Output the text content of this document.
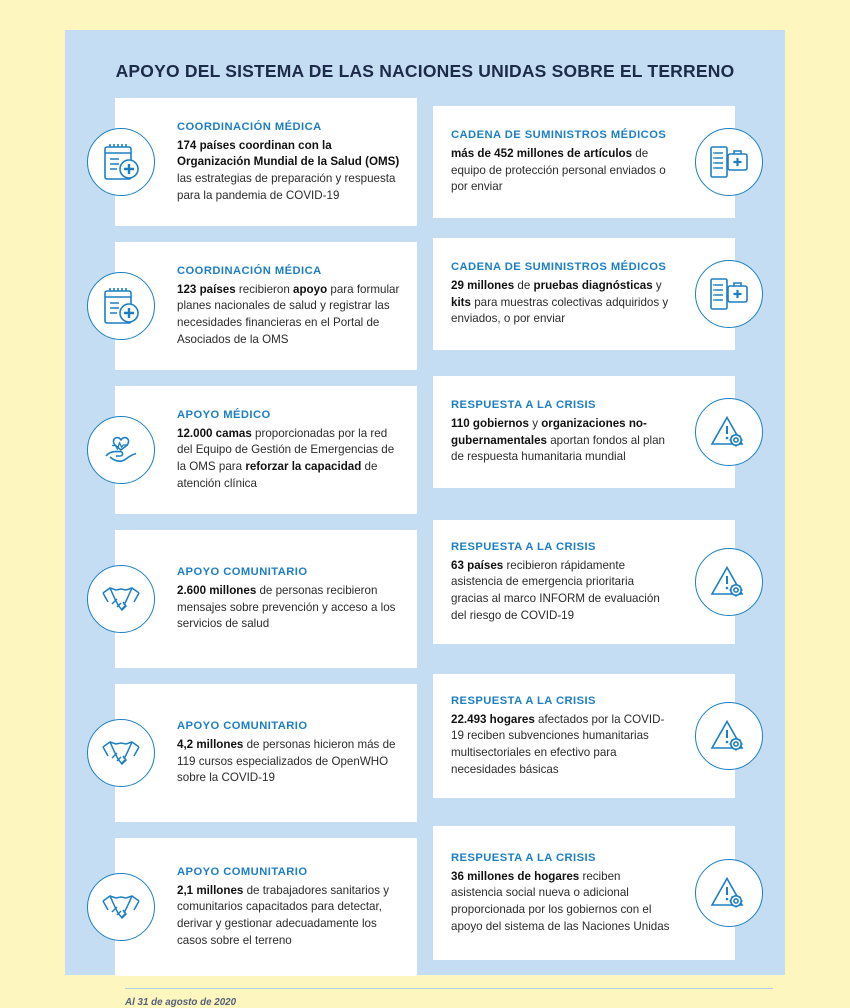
APOYO DEL SISTEMA DE LAS NACIONES UNIDAS SOBRE EL TERRENO
COORDINACIÓN MÉDICA
174 países coordinan con la Organización Mundial de la Salud (OMS) las estrategias de preparación y respuesta para la pandemia de COVID-19
COORDINACIÓN MÉDICA
123 países recibieron apoyo para formular planes nacionales de salud y registrar las necesidades financieras en el Portal de Asociados de la OMS
APOYO MÉDICO
12.000 camas proporcionadas por la red del Equipo de Gestión de Emergencias de la OMS para reforzar la capacidad de atención clínica
APOYO COMUNITARIO
2.600 millones de personas recibieron mensajes sobre prevención y acceso a los servicios de salud
APOYO COMUNITARIO
4,2 millones de personas hicieron más de 119 cursos especializados de OpenWHO sobre la COVID-19
APOYO COMUNITARIO
2,1 millones de trabajadores sanitarios y comunitarios capacitados para detectar, derivar y gestionar adecuadamente los casos sobre el terreno
CADENA DE SUMINISTROS MÉDICOS
más de 452 millones de artículos de equipo de protección personal enviados o por enviar
CADENA DE SUMINISTROS MÉDICOS
29 millones de pruebas diagnósticas y kits para muestras colectivas adquiridos y enviados, o por enviar
RESPUESTA A LA CRISIS
110 gobiernos y organizaciones no-gubernamentales aportan fondos al plan de respuesta humanitaria mundial
RESPUESTA A LA CRISIS
63 países recibieron rápidamente asistencia de emergencia prioritaria gracias al marco INFORM de evaluación del riesgo de COVID-19
RESPUESTA A LA CRISIS
22.493 hogares afectados por la COVID-19 reciben subvenciones humanitarias multisectoriales en efectivo para necesidades básicas
RESPUESTA A LA CRISIS
36 millones de hogares reciben asistencia social nueva o adicional proporcionada por los gobiernos con el apoyo del sistema de las Naciones Unidas
Al 31 de agosto de 2020
